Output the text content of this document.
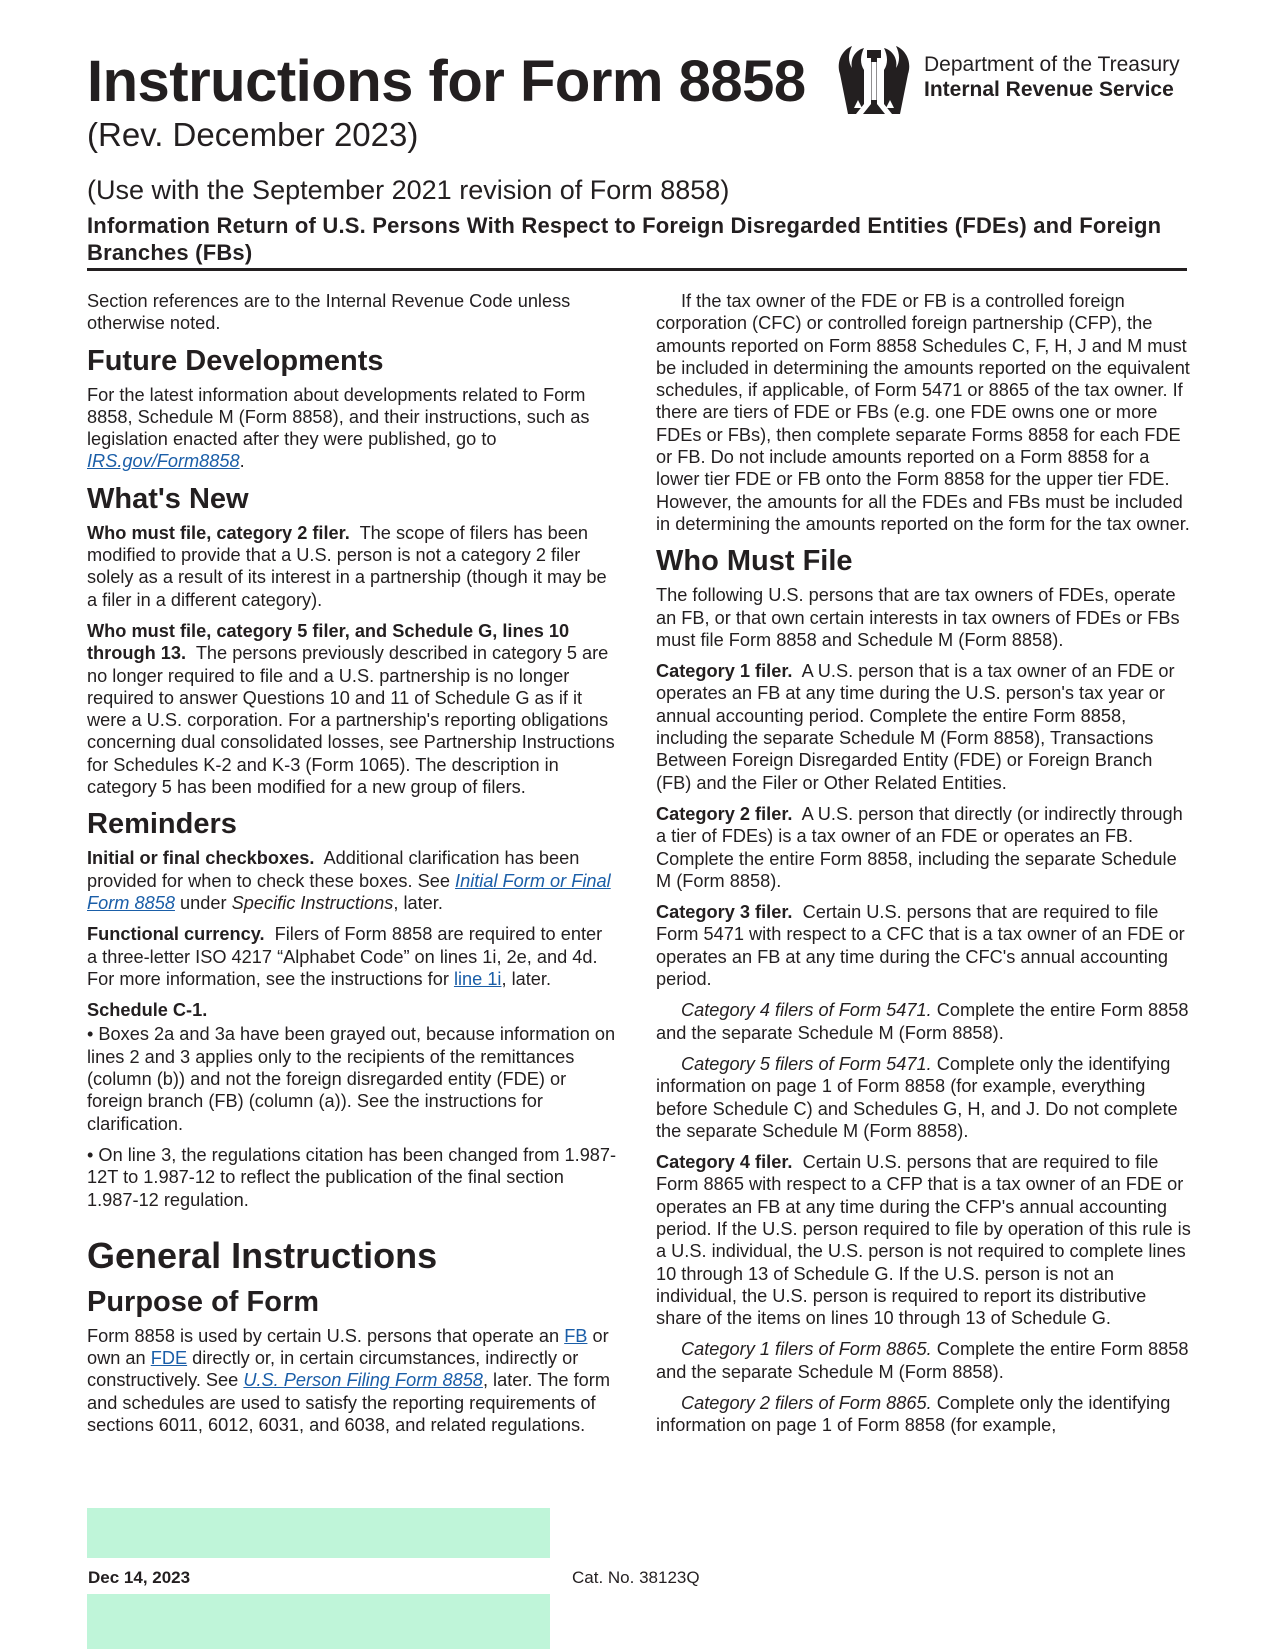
Instructions for Form 8858
(Rev. December 2023)
(Use with the September 2021 revision of Form 8858)
Information Return of U.S. Persons With Respect to Foreign Disregarded Entities (FDEs) and Foreign Branches (FBs)
Department of the Treasury
Internal Revenue Service

Section references are to the Internal Revenue Code unless otherwise noted.

Future Developments

For the latest information about developments related to Form 8858, Schedule M (Form 8858), and their instructions, such as legislation enacted after they were published, go to IRS.gov/Form8858.

What's New

Who must file, category 2 filer. The scope of filers has been modified to provide that a U.S. person is not a category 2 filer solely as a result of its interest in a partnership (though it may be a filer in a different category).

Who must file, category 5 filer, and Schedule G, lines 10 through 13. The persons previously described in category 5 are no longer required to file and a U.S. partnership is no longer required to answer Questions 10 and 11 of Schedule G as if it were a U.S. corporation. For a partnership's reporting obligations concerning dual consolidated losses, see Partnership Instructions for Schedules K-2 and K-3 (Form 1065). The description in category 5 has been modified for a new group of filers.

Reminders

Initial or final checkboxes. Additional clarification has been provided for when to check these boxes. See Initial Form or Final Form 8858 under Specific Instructions, later.

Functional currency. Filers of Form 8858 are required to enter a three-letter ISO 4217 “Alphabet Code” on lines 1i, 2e, and 4d. For more information, see the instructions for line 1i, later.

Schedule C-1.

• Boxes 2a and 3a have been grayed out, because information on lines 2 and 3 applies only to the recipients of the remittances (column (b)) and not the foreign disregarded entity (FDE) or foreign branch (FB) (column (a)). See the instructions for clarification.

• On line 3, the regulations citation has been changed from 1.987-12T to 1.987-12 to reflect the publication of the final section 1.987-12 regulation.

General Instructions
Purpose of Form

Form 8858 is used by certain U.S. persons that operate an FB or own an FDE directly or, in certain circumstances, indirectly or constructively. See U.S. Person Filing Form 8858, later. The form and schedules are used to satisfy the reporting requirements of sections 6011, 6012, 6031, and 6038, and related regulations.

If the tax owner of the FDE or FB is a controlled foreign corporation (CFC) or controlled foreign partnership (CFP), the amounts reported on Form 8858 Schedules C, F, H, J and M must be included in determining the amounts reported on the equivalent schedules, if applicable, of Form 5471 or 8865 of the tax owner. If there are tiers of FDE or FBs (e.g. one FDE owns one or more FDEs or FBs), then complete separate Forms 8858 for each FDE or FB. Do not include amounts reported on a Form 8858 for a lower tier FDE or FB onto the Form 8858 for the upper tier FDE. However, the amounts for all the FDEs and FBs must be included in determining the amounts reported on the form for the tax owner.

Who Must File

The following U.S. persons that are tax owners of FDEs, operate an FB, or that own certain interests in tax owners of FDEs or FBs must file Form 8858 and Schedule M (Form 8858).

Category 1 filer. A U.S. person that is a tax owner of an FDE or operates an FB at any time during the U.S. person's tax year or annual accounting period. Complete the entire Form 8858, including the separate Schedule M (Form 8858), Transactions Between Foreign Disregarded Entity (FDE) or Foreign Branch (FB) and the Filer or Other Related Entities.

Category 2 filer. A U.S. person that directly (or indirectly through a tier of FDEs) is a tax owner of an FDE or operates an FB. Complete the entire Form 8858, including the separate Schedule M (Form 8858).

Category 3 filer. Certain U.S. persons that are required to file Form 5471 with respect to a CFC that is a tax owner of an FDE or operates an FB at any time during the CFC's annual accounting period.

Category 4 filers of Form 5471. Complete the entire Form 8858 and the separate Schedule M (Form 8858).

Category 5 filers of Form 5471. Complete only the identifying information on page 1 of Form 8858 (for example, everything before Schedule C) and Schedules G, H, and J. Do not complete the separate Schedule M (Form 8858).

Category 4 filer. Certain U.S. persons that are required to file Form 8865 with respect to a CFP that is a tax owner of an FDE or operates an FB at any time during the CFP's annual accounting period. If the U.S. person required to file by operation of this rule is a U.S. individual, the U.S. person is not required to complete lines 10 through 13 of Schedule G. If the U.S. person is not an individual, the U.S. person is required to report its distributive share of the items on lines 10 through 13 of Schedule G.

Category 1 filers of Form 8865. Complete the entire Form 8858 and the separate Schedule M (Form 8858).

Category 2 filers of Form 8865. Complete only the identifying information on page 1 of Form 8858 (for example,

Dec 14, 2023	Cat. No. 38123Q
